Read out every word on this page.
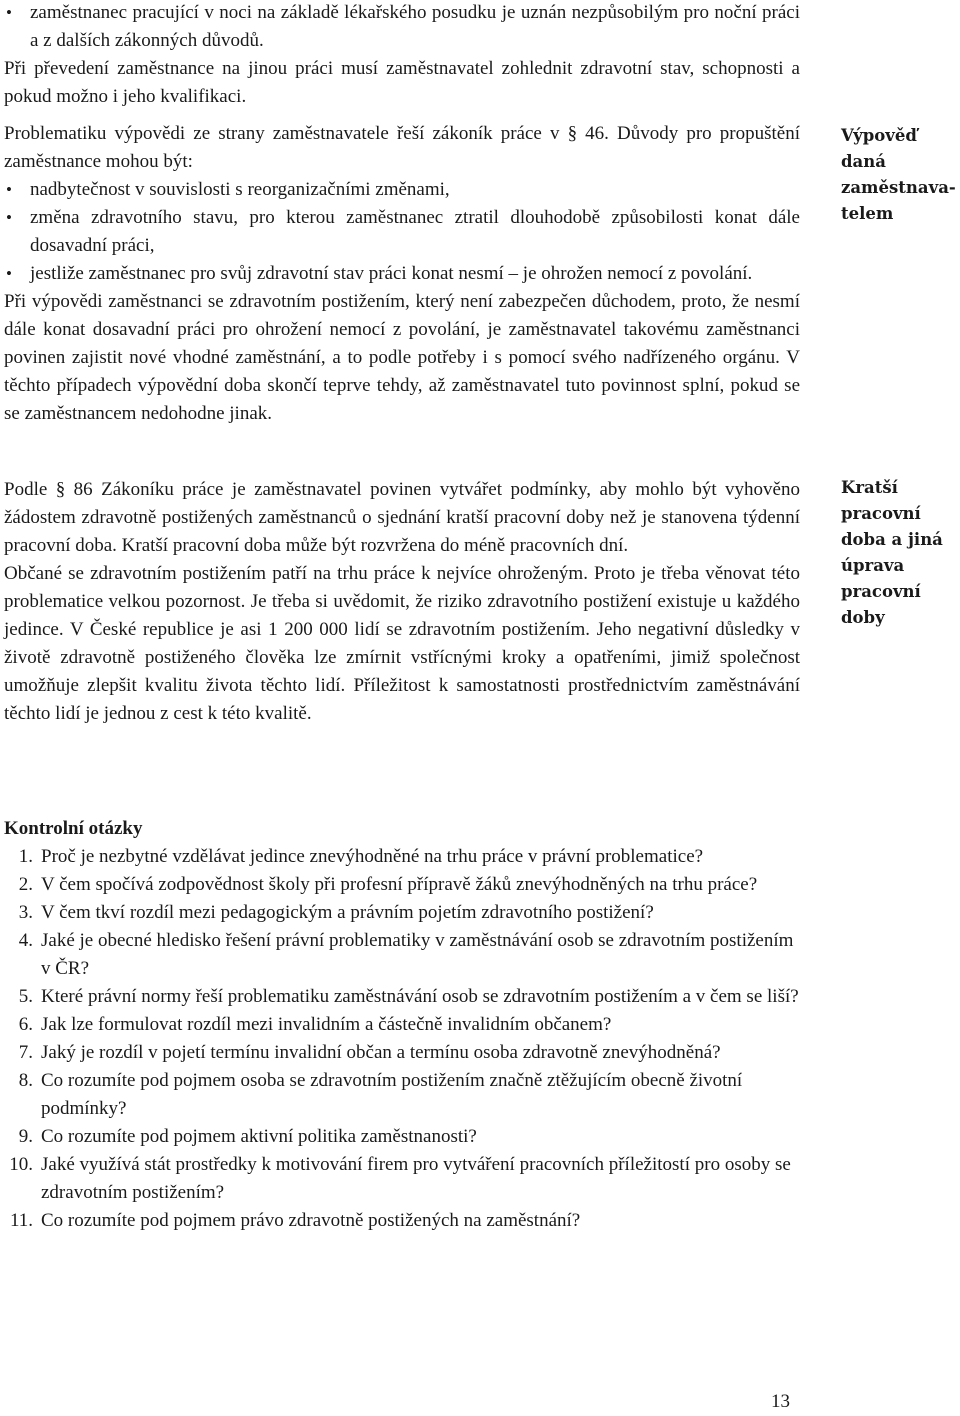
• zaměstnanec pracující v noci na základě lékařského posudku je uznán nezpůsobilým pro noční práci a z dalších zákonných důvodů.

Při převedení zaměstnance na jinou práci musí zaměstnavatel zohlednit zdravotní stav, schopnosti a pokud možno i jeho kvalifikaci.

Problematiku výpovědi ze strany zaměstnavatele řeší zákoník práce v § 46. Důvody pro propuštění zaměstnance mohou být:

• nadbytečnost v souvislosti s reorganizačními změnami,

• změna zdravotního stavu, pro kterou zaměstnanec ztratil dlouhodobě způsobilosti konat dále dosavadní práci,

• jestliže zaměstnanec pro svůj zdravotní stav práci konat nesmí – je ohrožen nemocí z povolání.

Při výpovědi zaměstnanci se zdravotním postižením, který není zabezpečen důchodem, proto, že nesmí dále konat dosavadní práci pro ohrožení nemocí z povolání, je zaměstnavatel takovému zaměstnanci povinen zajistit nové vhodné zaměstnání, a to podle potřeby i s pomocí svého nadřízeného orgánu. V těchto případech výpovědní doba skončí teprve tehdy, až zaměstnavatel tuto povinnost splní, pokud se se zaměstnancem nedohodne jinak.

Podle § 86 Zákoníku práce je zaměstnavatel povinen vytvářet podmínky, aby mohlo být vyhověno žádostem zdravotně postižených zaměstnanců o sjednání kratší pracovní doby než je stanovena týdenní pracovní doba. Kratší pracovní doba může být rozvržena do méně pracovních dní.

Občané se zdravotním postižením patří na trhu práce k nejvíce ohroženým. Proto je třeba věnovat této problematice velkou pozornost. Je třeba si uvědomit, že riziko zdravotního postižení existuje u každého jedince. V České republice je asi 1 200 000 lidí se zdravotním postižením. Jeho negativní důsledky v životě zdravotně postiženého člověka lze zmírnit vstřícnými kroky a opatřeními, jimiž společnost umožňuje zlepšit kvalitu života těchto lidí. Příležitost k samostatnosti prostřednictvím zaměstnávání těchto lidí je jednou z cest k této kvalitě.

Výpověď
daná
zaměstnava-
telem
Kratší
pracovní
doba a jiná
úprava
pracovní
doby

Kontrolní otázky

1. Proč je nezbytné vzdělávat jedince znevýhodněné na trhu práce v právní problematice?
2. V čem spočívá zodpovědnost školy při profesní přípravě žáků znevýhodněných na trhu práce?
3. V čem tkví rozdíl mezi pedagogickým a právním pojetím zdravotního postižení?
4. Jaké je obecné hledisko řešení právní problematiky v zaměstnávání osob se zdravotním postižením v ČR?
5. Které právní normy řeší problematiku zaměstnávání osob se zdravotním postižením a v čem se liší?
6. Jak lze formulovat rozdíl mezi invalidním a částečně invalidním občanem?
7. Jaký je rozdíl v pojetí termínu invalidní občan a termínu osoba zdravotně znevýhodněná?
8. Co rozumíte pod pojmem osoba se zdravotním postižením značně ztěžujícím obecně životní podmínky?
9. Co rozumíte pod pojmem aktivní politika zaměstnanosti?
10. Jaké využívá stát prostředky k motivování firem pro vytváření pracovních příležitostí pro osoby se zdravotním postižením?
11. Co rozumíte pod pojmem právo zdravotně postižených na zaměstnání?
13
